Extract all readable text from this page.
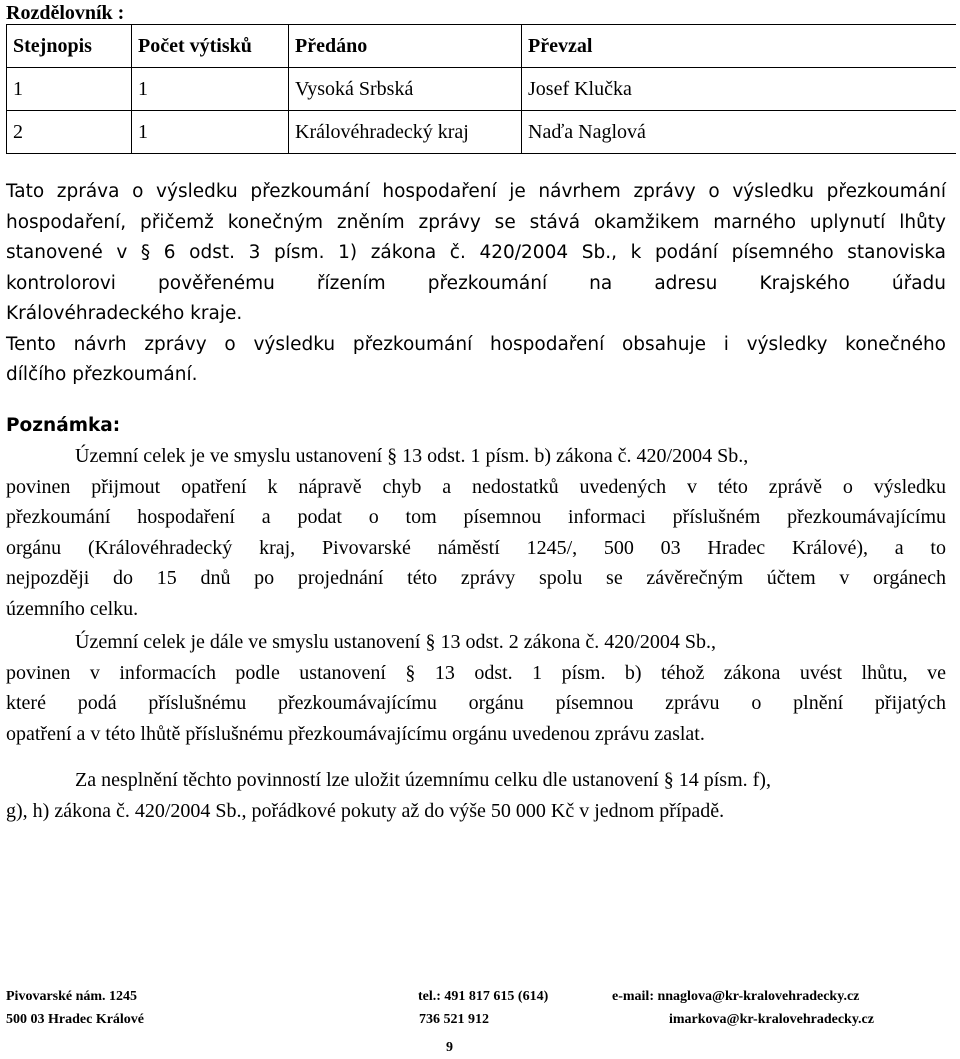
Rozdělovník :
Stejnopis	Počet výtisků	Předáno	Převzal
1	1	Vysoká Srbská	Josef Klučka
2	1	Královéhradecký kraj	Naďa Naglová
Tato zpráva o výsledku přezkoumání hospodaření je návrhem zprávy o výsledku přezkoumání
hospodaření, přičemž konečným zněním zprávy se stává okamžikem marného uplynutí lhůty
stanovené v § 6 odst. 3 písm. 1) zákona č. 420/2004 Sb., k podání písemného stanoviska
kontrolorovi pověřenému řízením přezkoumání na adresu Krajského úřadu
Královéhradeckého kraje.
Tento návrh zprávy o výsledku přezkoumání hospodaření obsahuje i výsledky konečného
dílčího přezkoumání.
Poznámka:
Územní celek je ve smyslu ustanovení § 13 odst. 1 písm. b) zákona č. 420/2004 Sb.,
povinen přijmout opatření k nápravě chyb a nedostatků uvedených v této zprávě o výsledku
přezkoumání hospodaření a podat o tom písemnou informaci příslušném přezkoumávajícímu
orgánu (Královéhradecký kraj, Pivovarské náměstí 1245/, 500 03 Hradec Králové), a to
nejpozději do 15 dnů po projednání této zprávy spolu se závěrečným účtem v orgánech
územního celku.
Územní celek je dále ve smyslu ustanovení § 13 odst. 2 zákona č. 420/2004 Sb.,
povinen v informacích podle ustanovení § 13 odst. 1 písm. b) téhož zákona uvést lhůtu, ve
které podá příslušnému přezkoumávajícímu orgánu písemnou zprávu o plnění přijatých
opatření a v této lhůtě příslušnému přezkoumávajícímu orgánu uvedenou zprávu zaslat.
Za nesplnění těchto povinností lze uložit územnímu celku dle ustanovení § 14 písm. f),
g), h) zákona č. 420/2004 Sb., pořádkové pokuty až do výše 50 000 Kč v jednom případě.
Pivovarské nám. 1245
500 03 Hradec Králové
tel.: 491 817 615 (614)
736 521 912
e-mail: nnaglova@kr-kralovehradecky.cz
imarkova@kr-kralovehradecky.cz
9
